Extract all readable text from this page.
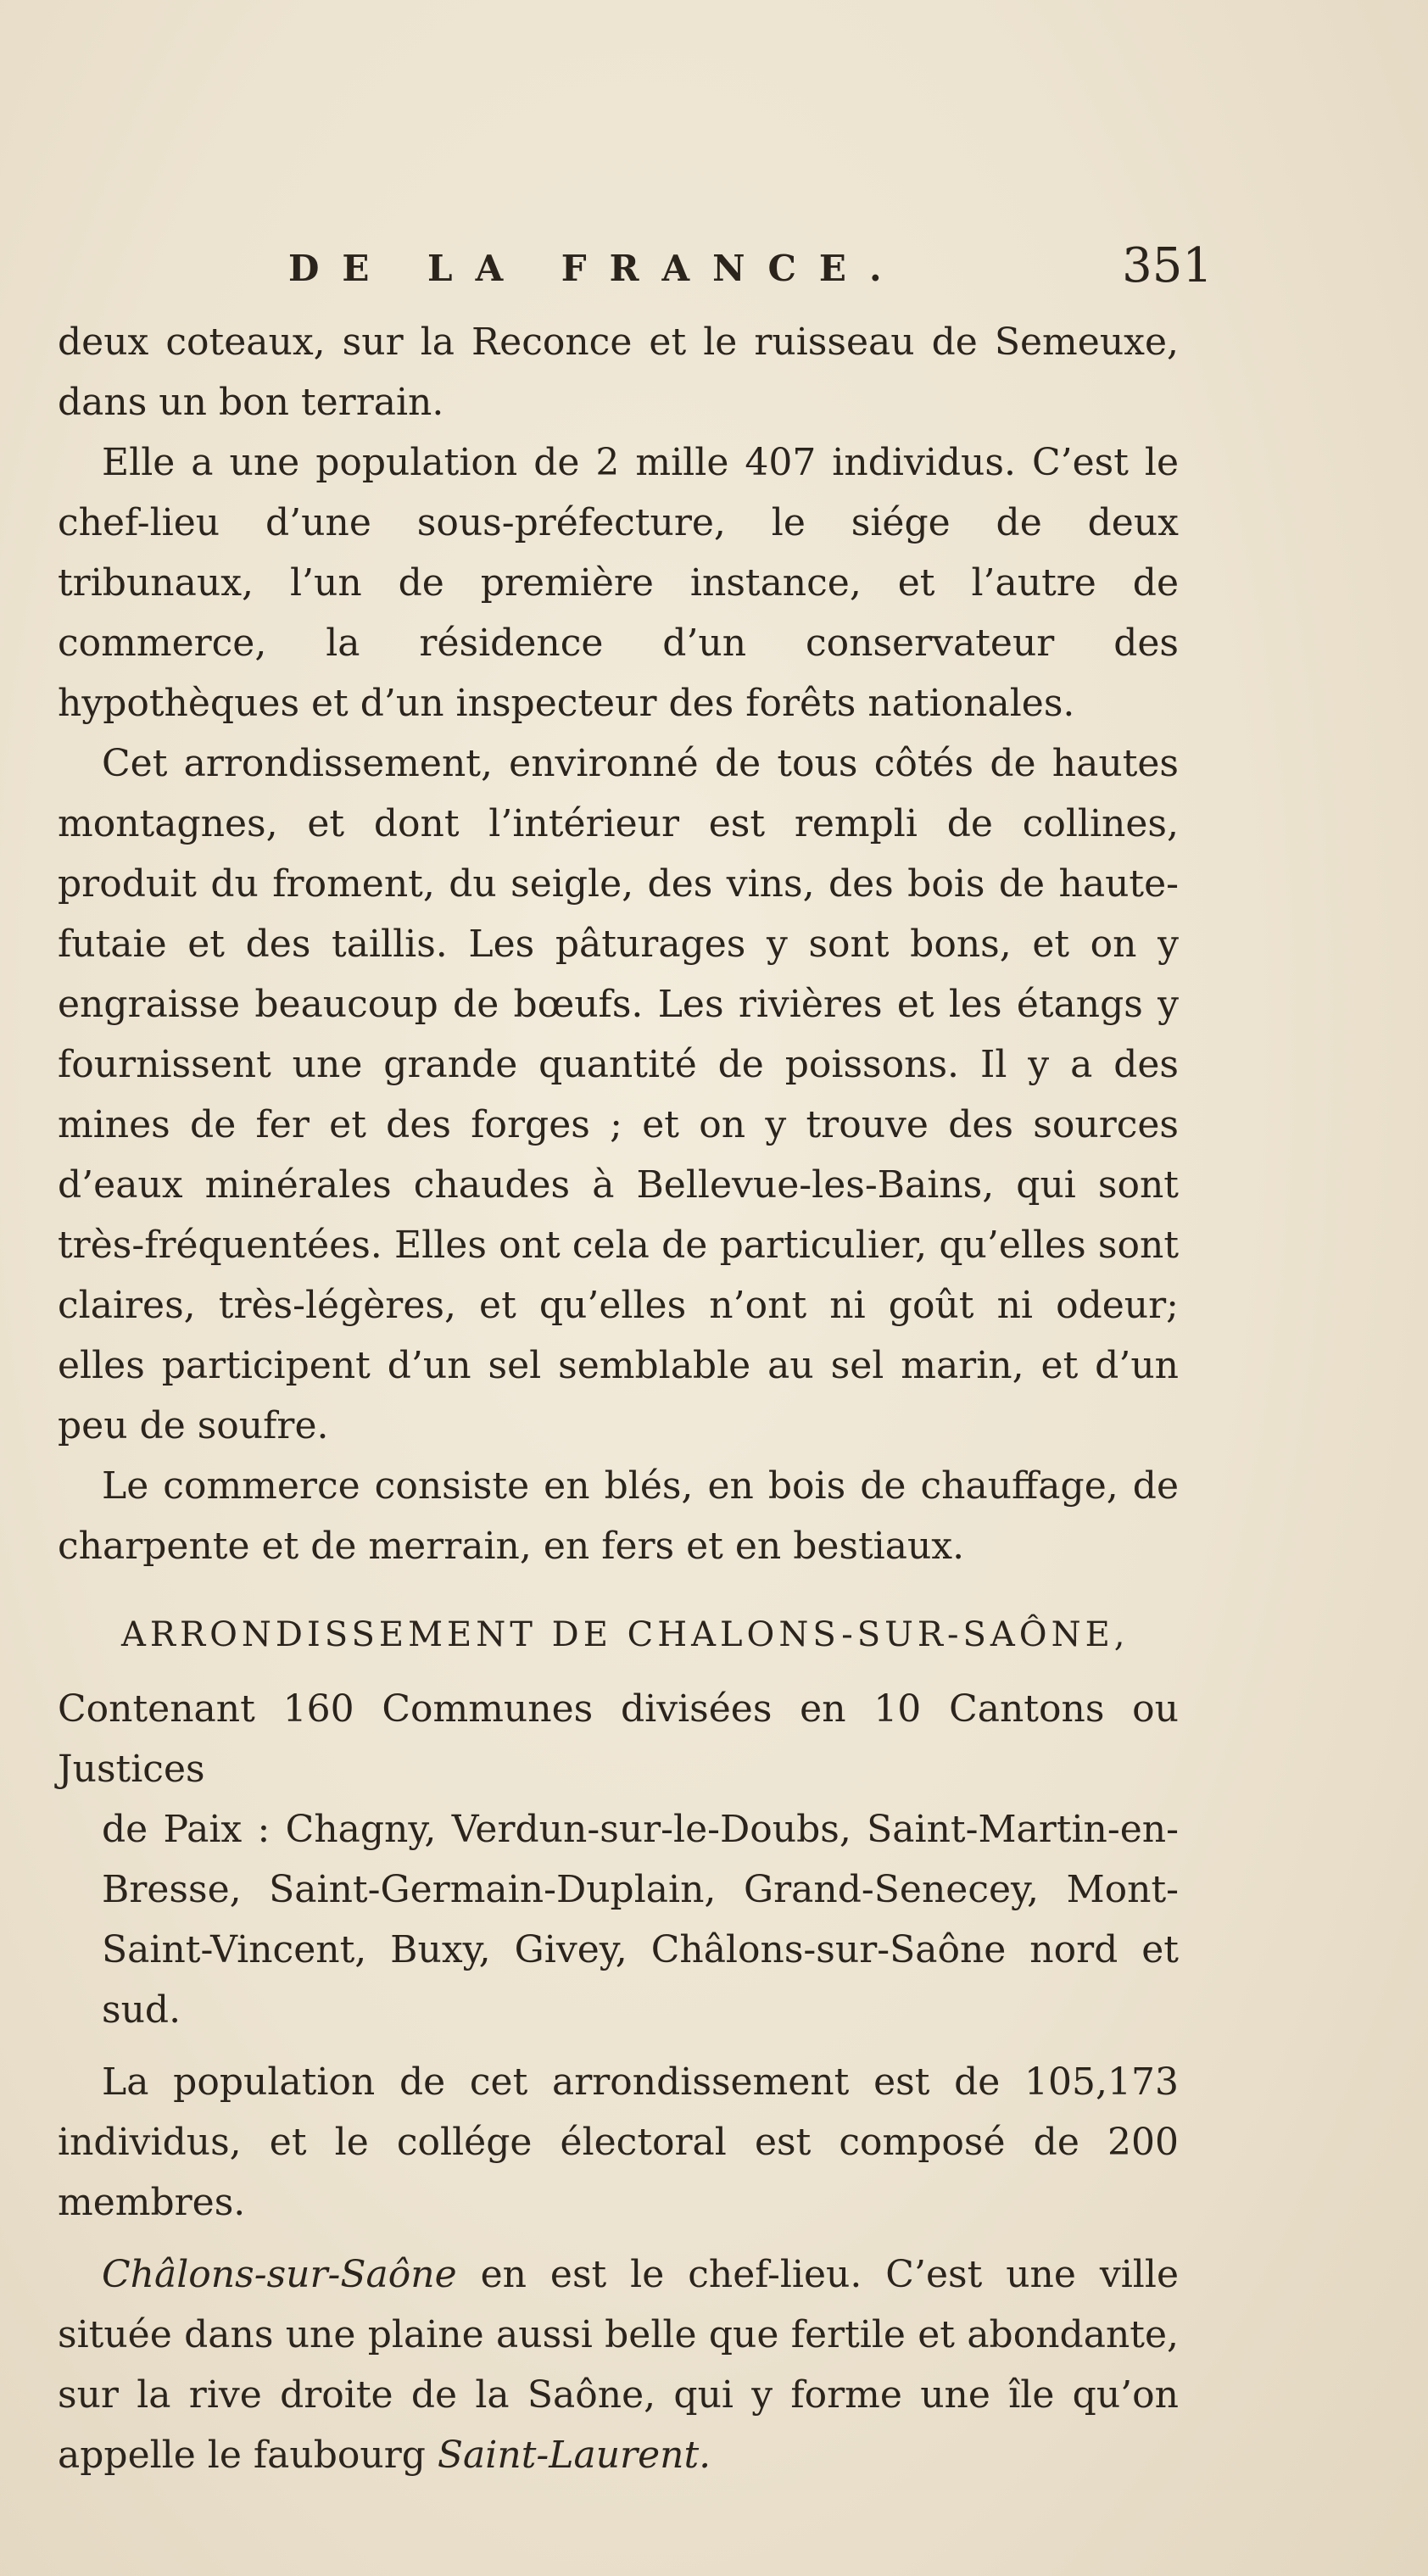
DE LA FRANCE.	351

deux coteaux, sur la Reconce et le ruisseau de Semeuxe, dans un bon terrain.

Elle a une population de 2 mille 407 individus. C’est le chef-lieu d’une sous-préfecture, le siége de deux tribunaux, l’un de première instance, et l’autre de commerce, la résidence d’un conservateur des hypothèques et d’un inspecteur des forêts nationales.

Cet arrondissement, environné de tous côtés de hautes montagnes, et dont l’intérieur est rempli de collines, produit du froment, du seigle, des vins, des bois de haute-futaie et des taillis. Les pâturages y sont bons, et on y engraisse beaucoup de bœufs. Les rivières et les étangs y fournissent une grande quantité de poissons. Il y a des mines de fer et des forges ; et on y trouve des sources d’eaux minérales chaudes à Bellevue-les-Bains, qui sont très-fréquentées. Elles ont cela de particulier, qu’elles sont claires, très-légères, et qu’elles n’ont ni goût ni odeur; elles participent d’un sel semblable au sel marin, et d’un peu de soufre.

Le commerce consiste en blés, en bois de chauffage, de charpente et de merrain, en fers et en bestiaux.

ARRONDISSEMENT DE CHALONS-SUR-SAÔNE,
Contenant 160 Communes divisées en 10 Cantons ou Justices
de Paix : Chagny, Verdun-sur-le-Doubs, Saint-Martin-en-Bresse, Saint-Germain-Duplain, Grand-Senecey, Mont-Saint-Vincent, Buxy, Givey, Châlons-sur-Saône nord et sud.

La population de cet arrondissement est de 105,173 individus, et le collége électoral est composé de 200 membres.

Châlons-sur-Saône en est le chef-lieu. C’est une ville située dans une plaine aussi belle que fertile et abondante, sur la rive droite de la Saône, qui y forme une île qu’on appelle le faubourg Saint-Laurent.
